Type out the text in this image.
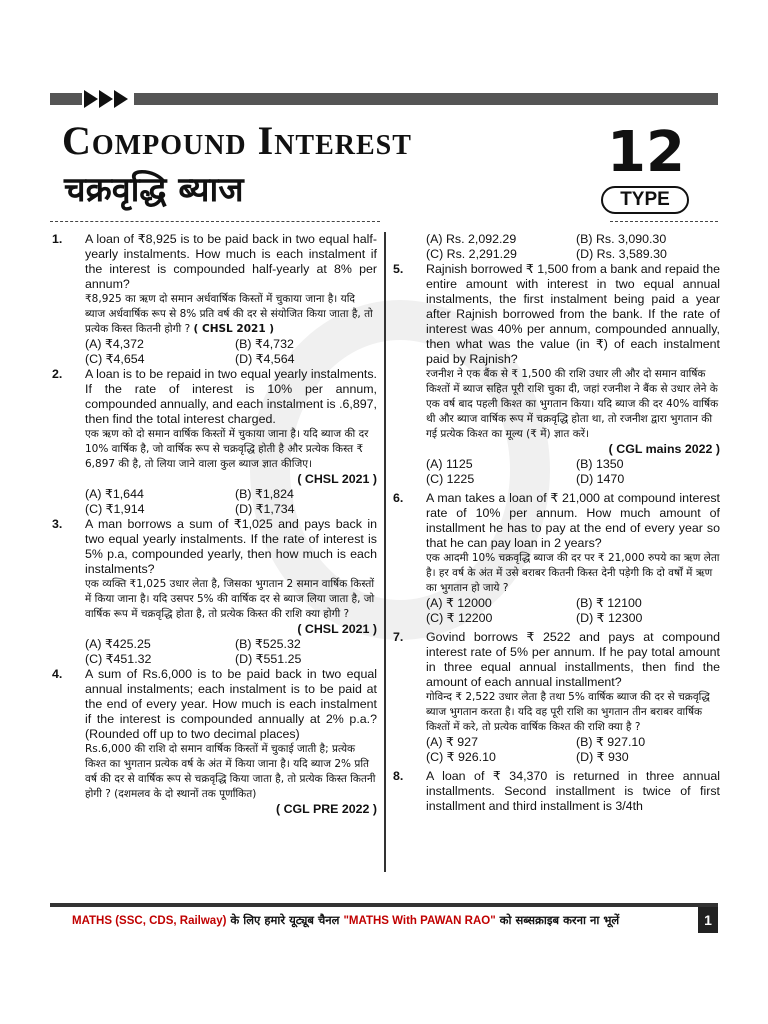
Compound Interest
चक्रवृद्धि ब्याज
12
TYPE
1. A loan of ₹8,925 is to be paid back in two equal half-yearly instalments. How much is each instalment if the interest is compounded half-yearly at 8% per annum?
₹8,925 का ऋण दो समान अर्धवार्षिक किस्तों में चुकाया जाना है। यदि ब्याज अर्धवार्षिक रूप से 8% प्रति वर्ष की दर से संयोजित किया जाता है, तो प्रत्येक किस्त कितनी होगी ? ( CHSL 2021 )
(A) ₹4,372	(B) ₹4,732
(C) ₹4,654	(D) ₹4,564
2. A loan is to be repaid in two equal yearly instalments. If the rate of interest is 10% per annum, compounded annually, and each instalment is .6,897, then find the total interest charged.
एक ऋण को दो समान वार्षिक किस्तों में चुकाया जाना है। यदि ब्याज की दर 10% वार्षिक है, जो वार्षिक रूप से चक्रवृद्धि होती है और प्रत्येक किस्त ₹ 6,897 की है, तो लिया जाने वाला कुल ब्याज ज्ञात कीजिए।
( CHSL 2021 )
(A) ₹1,644	(B) ₹1,824
(C) ₹1,914	(D) ₹1,734
3. A man borrows a sum of ₹1,025 and pays back in two equal yearly instalments. If the rate of interest is 5% p.a, compounded yearly, then how much is each instalments?
एक व्यक्ति ₹1,025 उधार लेता है, जिसका भुगतान 2 समान वार्षिक किस्तों में किया जाना है। यदि उसपर 5% की वार्षिक दर से ब्याज लिया जाता है, जो वार्षिक रूप में चक्रवृद्धि होता है, तो प्रत्येक किस्त की राशि क्या होगी ?
( CHSL 2021 )
(A) ₹425.25	(B) ₹525.32
(C) ₹451.32	(D) ₹551.25
4. A sum of Rs.6,000 is to be paid back in two equal annual instalments; each instalment is to be paid at the end of every year. How much is each instalment if the interest is compounded annually at 2% p.a.? (Rounded off up to two decimal places)
Rs.6,000 की राशि दो समान वार्षिक किस्तों में चुकाई जाती है; प्रत्येक किश्त का भुगतान प्रत्येक वर्ष के अंत में किया जाना है। यदि ब्याज 2% प्रति वर्ष की दर से वार्षिक रूप से चक्रवृद्धि किया जाता है, तो प्रत्येक किस्त कितनी होगी ? (दशमलव के दो स्थानों तक पूर्णांकित)
( CGL PRE 2022 )
(A) Rs. 2,092.29	(B) Rs. 3,090.30
(C) Rs. 2,291.29	(D) Rs. 3,589.30
5. Rajnish borrowed ₹ 1,500 from a bank and repaid the entire amount with interest in two equal annual instalments, the first instalment being paid a year after Rajnish borrowed from the bank. If the rate of interest was 40% per annum, compounded annually, then what was the value (in ₹) of each instalment paid by Rajnish?
रजनीश ने एक बैंक से ₹ 1,500 की राशि उधार ली और दो समान वार्षिक किश्तों में ब्याज सहित पूरी राशि चुका दी, जहां रजनीश ने बैंक से उधार लेने के एक वर्ष बाद पहली किश्त का भुगतान किया। यदि ब्याज की दर 40% वार्षिक थी और ब्याज वार्षिक रूप में चक्रवृद्धि होता था, तो रजनीश द्वारा भुगतान की गई प्रत्येक किश्त का मूल्य (₹ में) ज्ञात करें।
( CGL mains 2022 )
(A) 1125	(B) 1350
(C) 1225	(D) 1470
6. A man takes a loan of ₹ 21,000 at compound interest rate of 10% per annum. How much amount of installment he has to pay at the end of every year so that he can pay loan in 2 years?
एक आदमी 10% चक्रवृद्धि ब्याज की दर पर ₹ 21,000 रुपये का ऋण लेता है। हर वर्ष के अंत में उसे बराबर कितनी किस्त देनी पड़ेगी कि दो वर्षों में ऋण का भुगतान हो जाये ?
(A) ₹ 12000	(B) ₹ 12100
(C) ₹ 12200	(D) ₹ 12300
7. Govind borrows ₹ 2522 and pays at compound interest rate of 5% per annum. If he pay total amount in three equal annual installments, then find the amount of each annual installment?
गोविन्द ₹ 2,522 उधार लेता है तथा 5% वार्षिक ब्याज की दर से चक्रवृद्धि ब्याज भुगतान करता है। यदि वह पूरी राशि का भुगतान तीन बराबर वार्षिक किश्तों में करे, तो प्रत्येक वार्षिक किश्त की राशि क्या है ?
(A) ₹ 927	(B) ₹ 927.10
(C) ₹ 926.10	(D) ₹ 930
8. A loan of ₹ 34,370 is returned in three annual installments. Second installment is twice of first installment and third installment is 3/4th
MATHS (SSC, CDS, Railway) के लिए हमारे यूट्यूब चैनल "MATHS With PAWAN RAO" को सब्सक्राइब करना ना भूलें	1
